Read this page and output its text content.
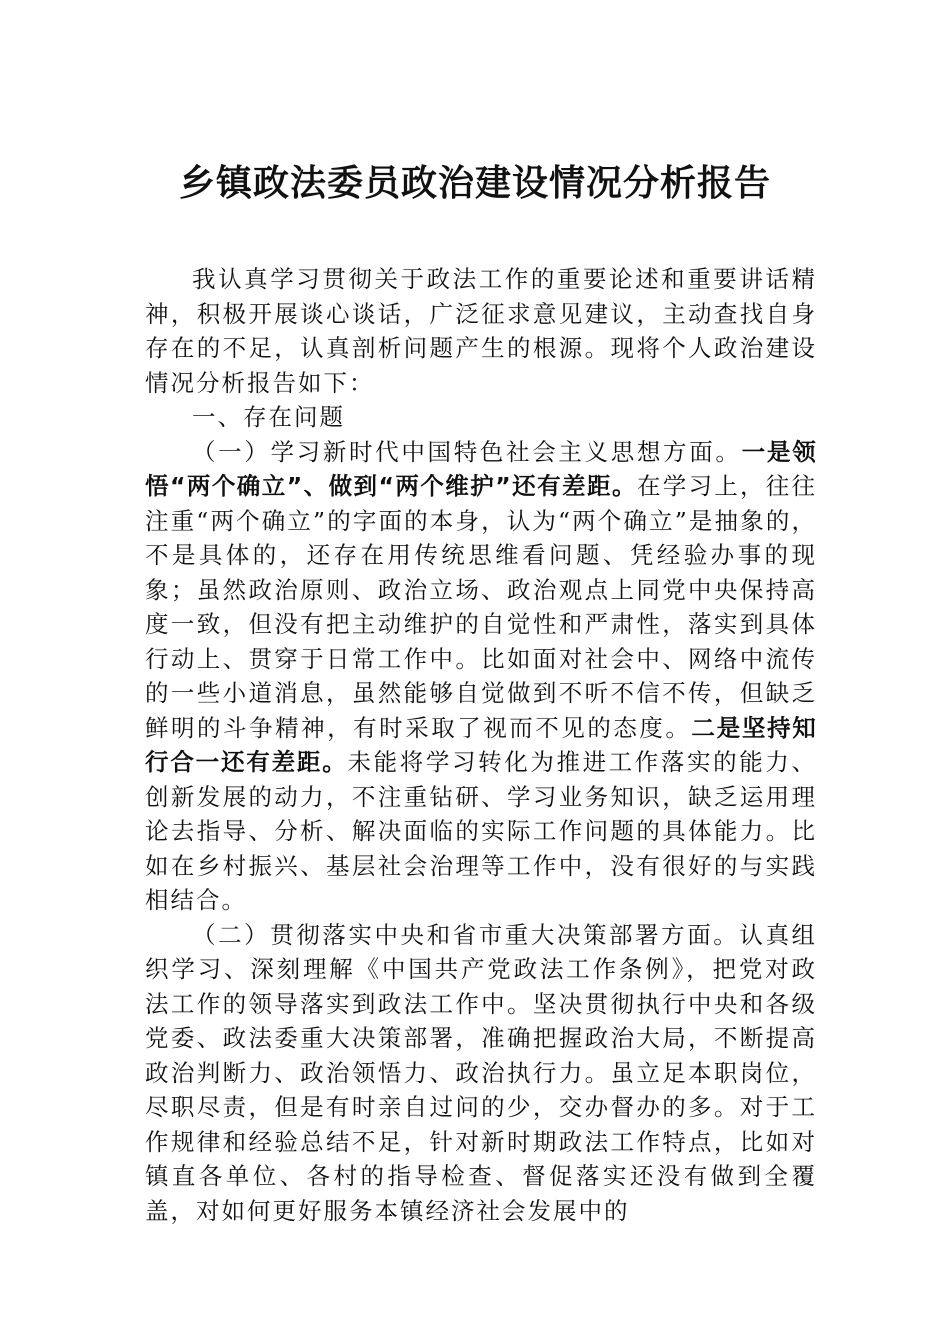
乡镇政法委员政治建设情况分析报告

我认真学习贯彻关于政法工作的重要论述和重要讲话精神，积极开展谈心谈话，广泛征求意见建议，主动查找自身存在的不足，认真剖析问题产生的根源。现将个人政治建设情况分析报告如下：

一、存在问题

（一）学习新时代中国特色社会主义思想方面。一是领悟“两个确立”、做到“两个维护”还有差距。在学习上，往往注重“两个确立”的字面的本身，认为“两个确立”是抽象的，不是具体的，还存在用传统思维看问题、凭经验办事的现象；虽然政治原则、政治立场、政治观点上同党中央保持高度一致，但没有把主动维护的自觉性和严肃性，落实到具体行动上、贯穿于日常工作中。比如面对社会中、网络中流传的一些小道消息，虽然能够自觉做到不听不信不传，但缺乏鲜明的斗争精神，有时采取了视而不见的态度。二是坚持知行合一还有差距。未能将学习转化为推进工作落实的能力、创新发展的动力，不注重钻研、学习业务知识，缺乏运用理论去指导、分析、解决面临的实际工作问题的具体能力。比如在乡村振兴、基层社会治理等工作中，没有很好的与实践相结合。

（二）贯彻落实中央和省市重大决策部署方面。认真组织学习、深刻理解《中国共产党政法工作条例》，把党对政法工作的领导落实到政法工作中。坚决贯彻执行中央和各级党委、政法委重大决策部署，准确把握政治大局，不断提高政治判断力、政治领悟力、政治执行力。虽立足本职岗位，尽职尽责，但是有时亲自过问的少，交办督办的多。对于工作规律和经验总结不足，针对新时期政法工作特点，比如对镇直各单位、各村的指导检查、督促落实还没有做到全覆盖，对如何更好服务本镇经济社会发展中的
